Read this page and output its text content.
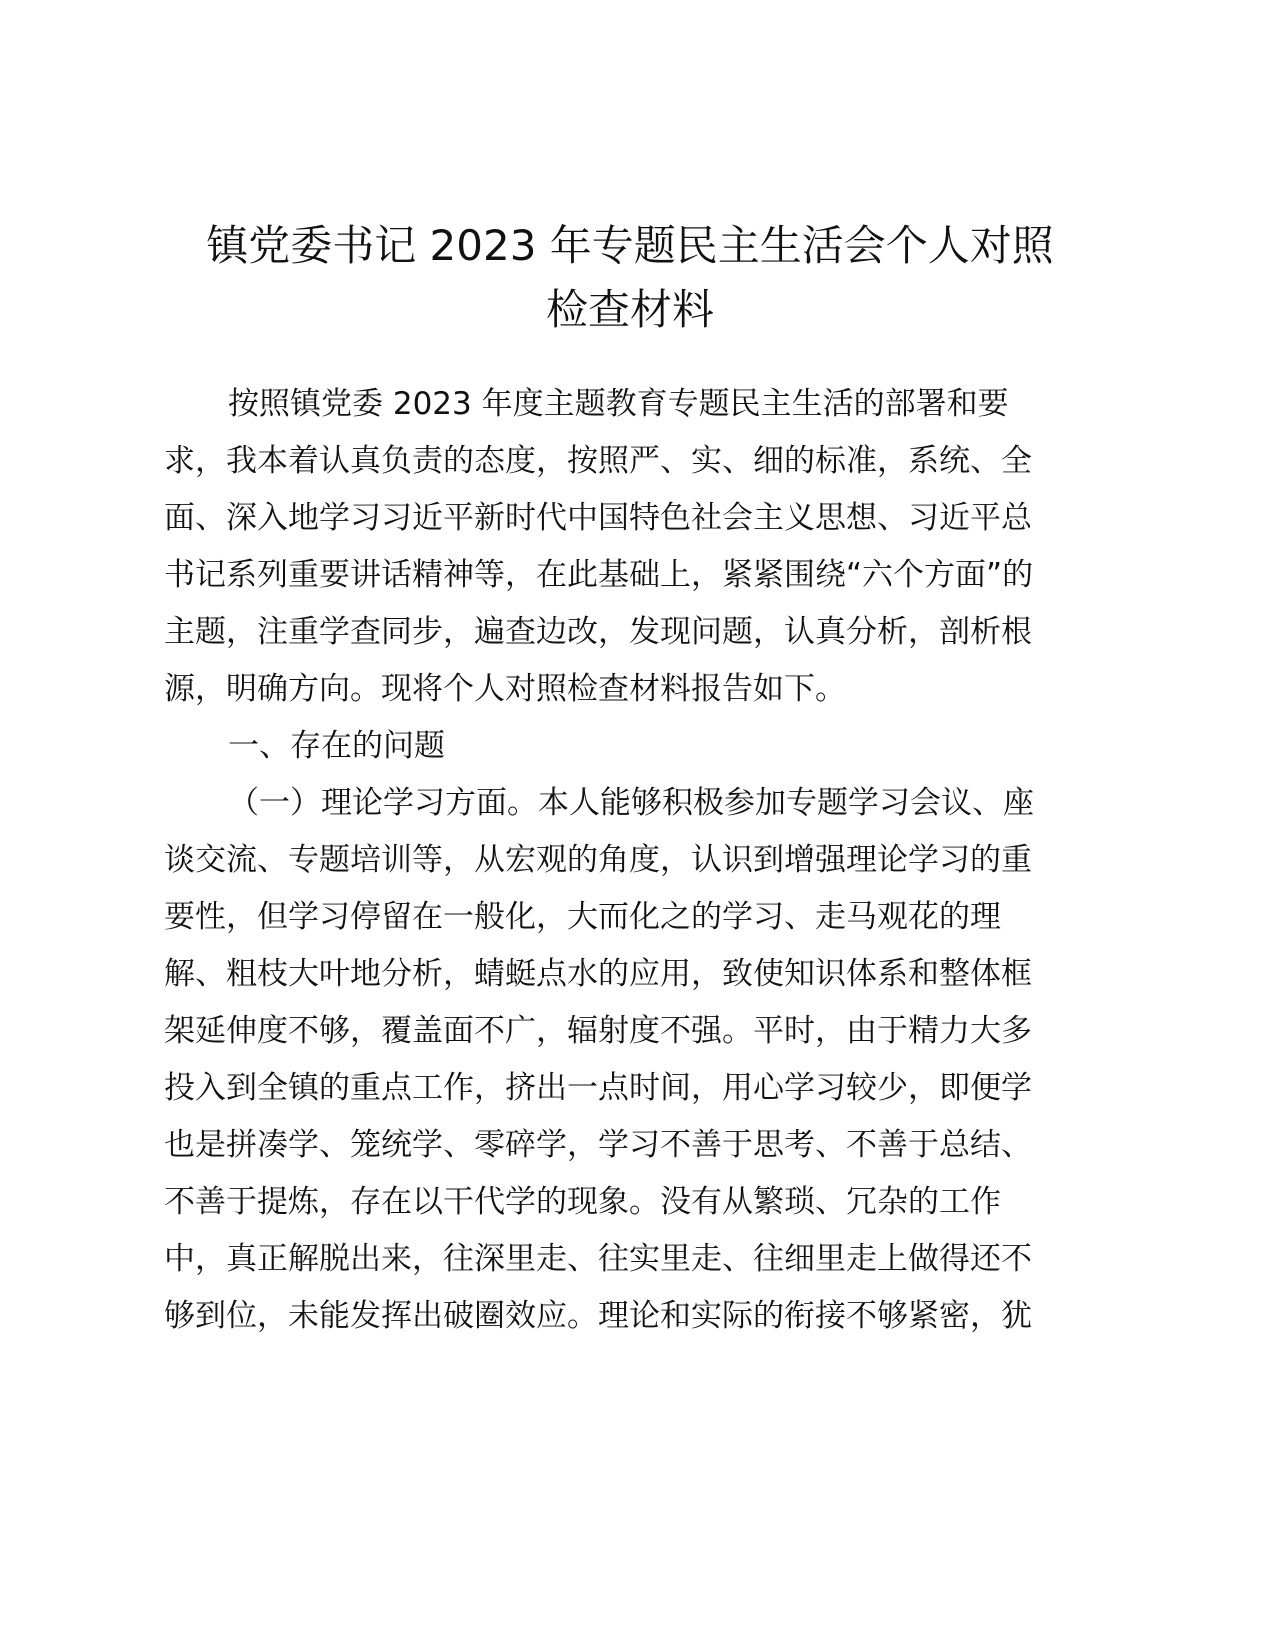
镇党委书记 2023 年专题民主生活会个人对照
检查材料
按照镇党委 2023 年度主题教育专题民主生活的部署和要
求，我本着认真负责的态度，按照严、实、细的标准，系统、全
面、深入地学习习近平新时代中国特色社会主义思想、习近平总
书记系列重要讲话精神等，在此基础上，紧紧围绕“六个方面”的
主题，注重学查同步，遍查边改，发现问题，认真分析，剖析根
源，明确方向。现将个人对照检查材料报告如下。
一、存在的问题
（一）理论学习方面。本人能够积极参加专题学习会议、座
谈交流、专题培训等，从宏观的角度，认识到增强理论学习的重
要性，但学习停留在一般化，大而化之的学习、走马观花的理
解、粗枝大叶地分析，蜻蜓点水的应用，致使知识体系和整体框
架延伸度不够，覆盖面不广，辐射度不强。平时，由于精力大多
投入到全镇的重点工作，挤出一点时间，用心学习较少，即便学
也是拼凑学、笼统学、零碎学，学习不善于思考、不善于总结、
不善于提炼，存在以干代学的现象。没有从繁琐、冗杂的工作
中，真正解脱出来，往深里走、往实里走、往细里走上做得还不
够到位，未能发挥出破圈效应。理论和实际的衔接不够紧密，犹
